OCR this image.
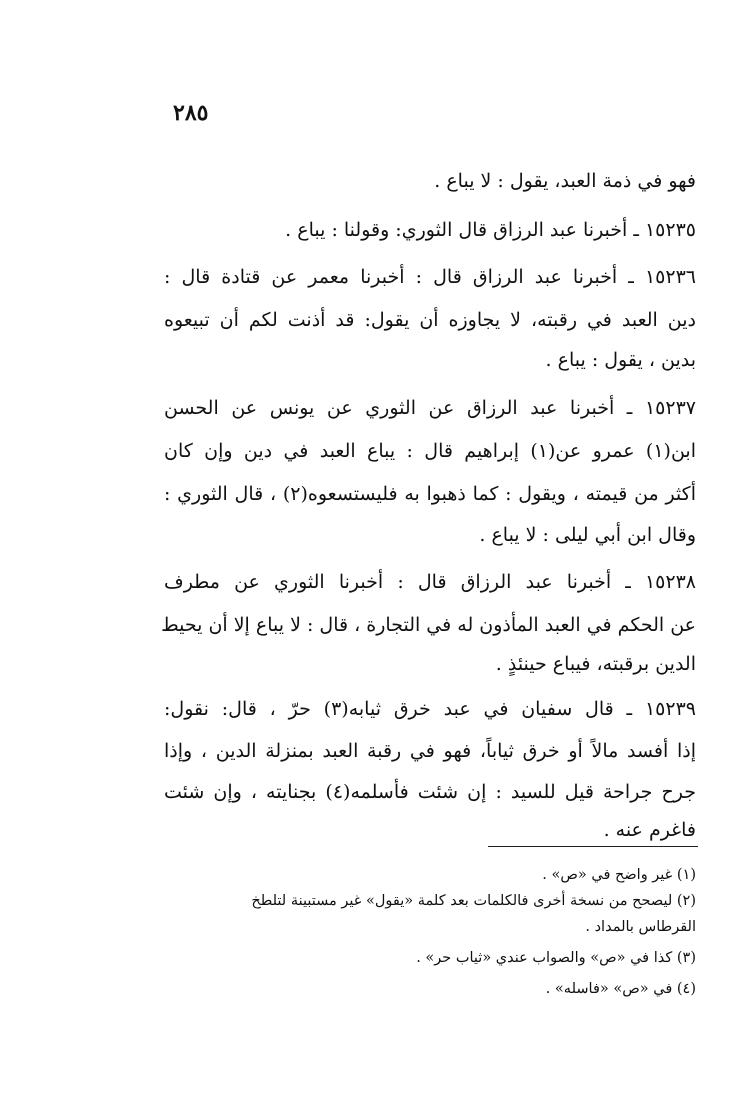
٢٨٥
فهو في ذمة العبد، يقول : لا يباع .
١٥٢٣٥ ـ أخبرنا عبد الرزاق قال الثوري: وقولنا : يباع .
١٥٢٣٦ ـ أخبرنا عبد الرزاق قال : أخبرنا معمر عن قتادة قال :
دين العبد في رقبته، لا يجاوزه أن يقول: قد أذنت لكم أن تبيعوه
بدين ، يقول : يباع .
١٥٢٣٧ ـ أخبرنا عبد الرزاق عن الثوري عن يونس عن الحسن
ابن(١) عمرو عن(١) إبراهيم قال : يباع العبد في دين وإن كان
أكثر من قيمته ، ويقول : كما ذهبوا به فليستسعوه(٢) ، قال الثوري :
وقال ابن أبي ليلى : لا يباع .
١٥٢٣٨ ـ أخبرنا عبد الرزاق قال : أخبرنا الثوري عن مطرف
عن الحكم في العبد المأذون له في التجارة ، قال : لا يباع إلا أن يحيط
الدين برقبته، فيباع حينئذٍ .
١٥٢٣٩ ـ قال سفيان في عبد خرق ثيابه(٣) حرّ ، قال: نقول:
إذا أفسد مالاً أو خرق ثياباً، فهو في رقبة العبد بمنزلة الدين ، وإذا
جرح جراحة قيل للسيد : إن شئت فأسلمه(٤) بجنايته ، وإن شئت
فاغرم عنه .
(١) غير واضح في «ص» .
(٢) ليصحح من نسخة أخرى فالكلمات بعد كلمة «يقول» غير مستبينة لتلطخ
القرطاس بالمداد .
(٣) كذا في «ص» والصواب عندي «ثياب حر» .
(٤) في «ص» «فاسله» .
